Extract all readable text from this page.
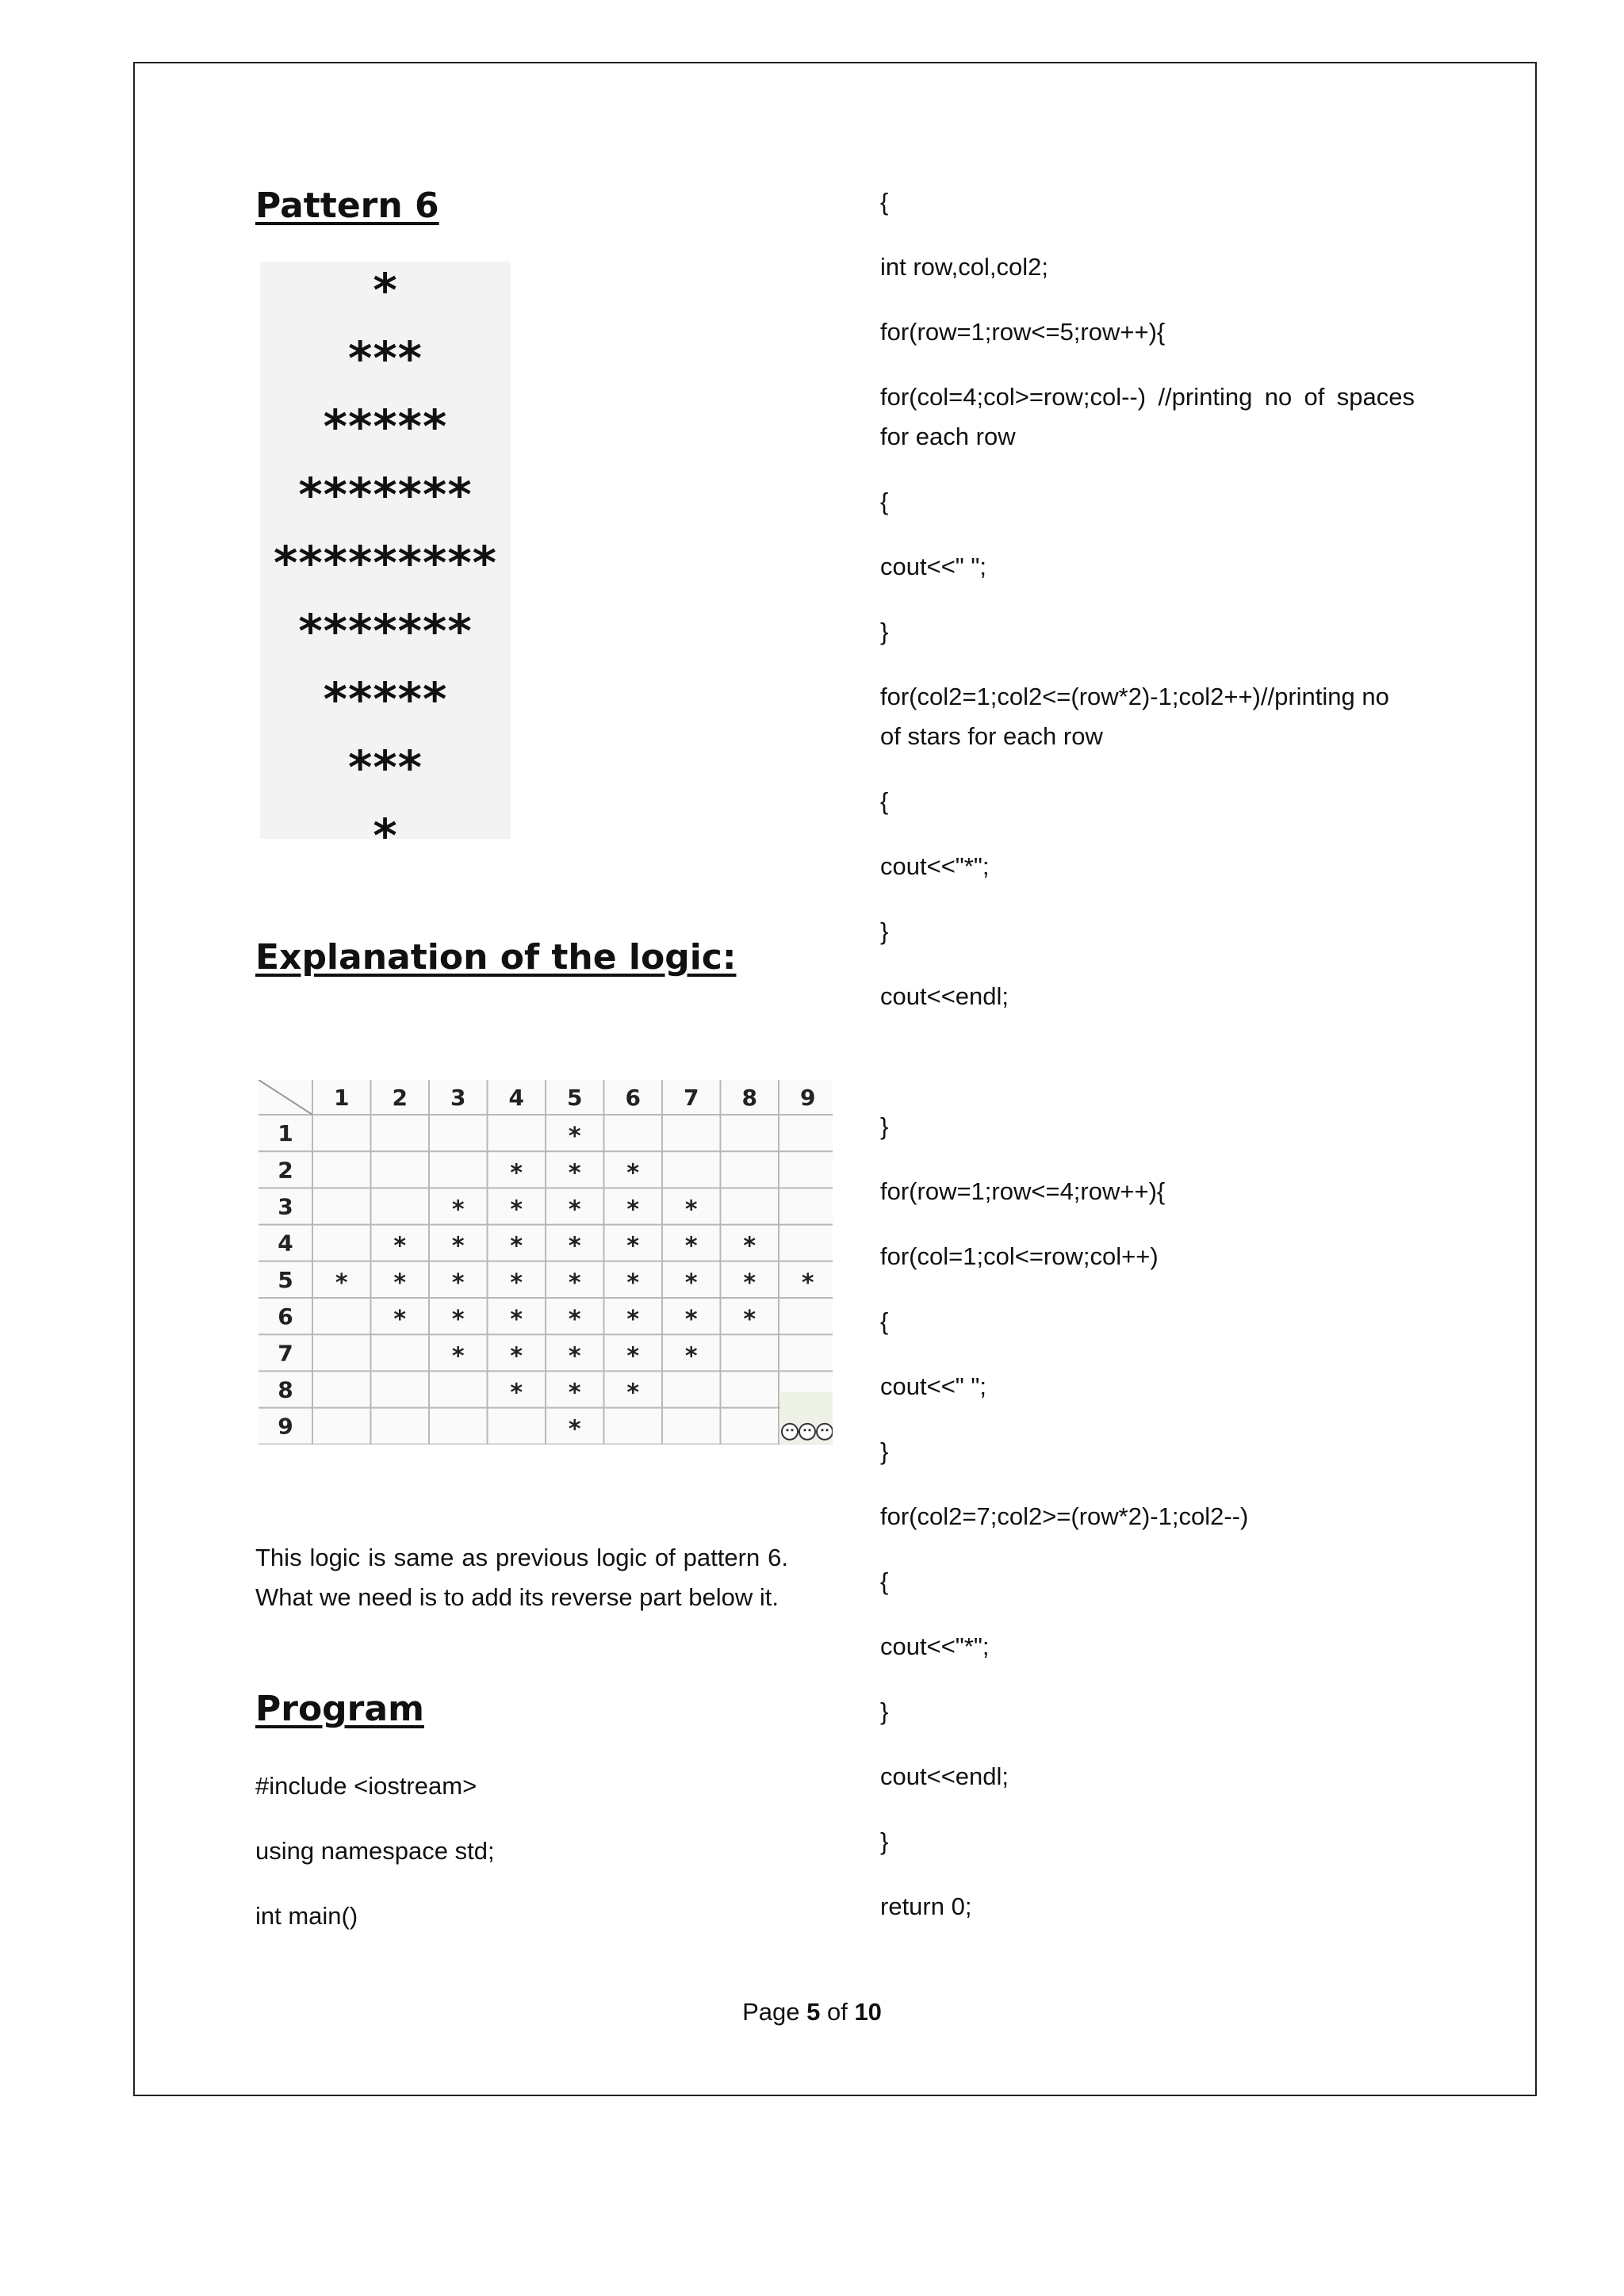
Pattern 6
*
***
*****
*******
*********
*******
*****
***
*
Explanation of the logic:
1 2 3 4 5 6 7 8 9
1
2
3
4
5
6
7
8
9
*
* * *
* * * * *
* * * * * * *
* * * * * * * * *
* * * * * * *
* * * * *
* * *
*

This logic is same as previous logic of pattern 6. What we need is to add its reverse part below it.

Program
#include <iostream>
using namespace std;
int main()
{
int row,col,col2;
for(row=1;row<=5;row++){
for(col=4;col>=row;col--) //printing no of spaces for each row
{
cout<<" ";
}
for(col2=1;col2<=(row*2)-1;col2++)//printing no of stars for each row
{
cout<<"*";
}
cout<<endl;
}
for(row=1;row<=4;row++){
for(col=1;col<=row;col++)
{
cout<<" ";
}
for(col2=7;col2>=(row*2)-1;col2--)
{
cout<<"*";
}
cout<<endl;
}
return 0;
Page 5 of 10
